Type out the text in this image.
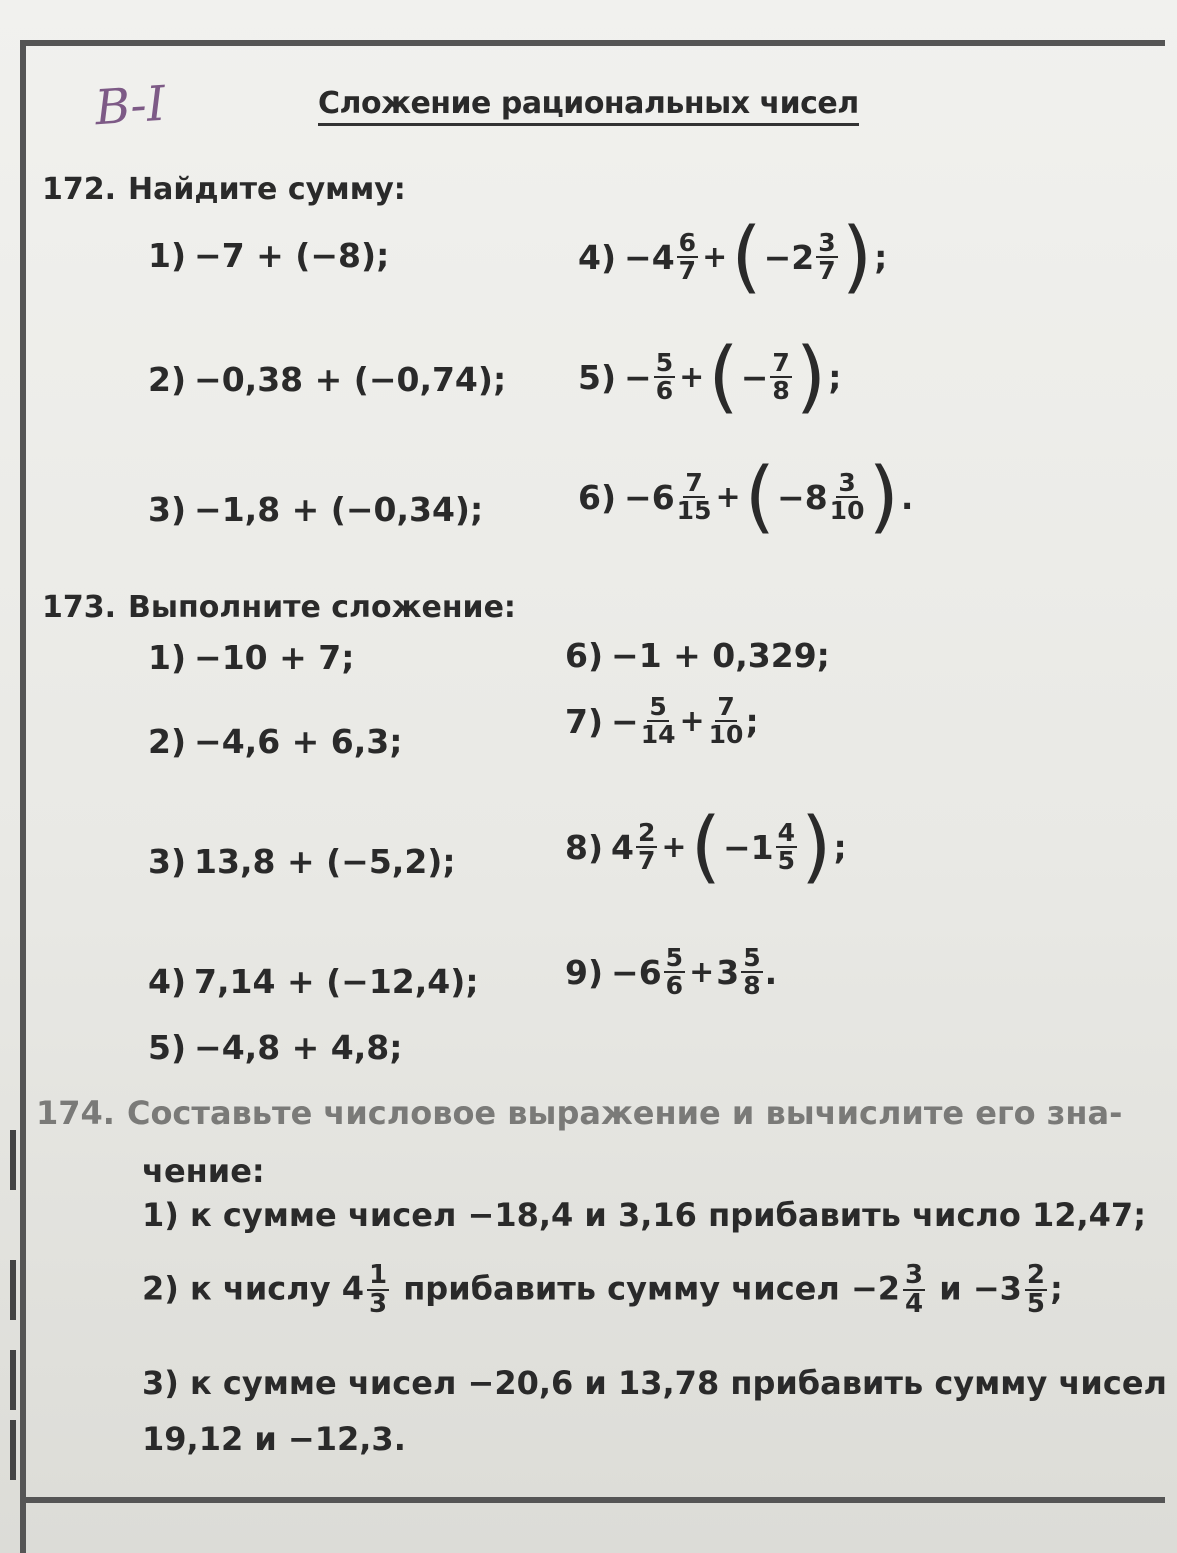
В-I	Сложение рациональных чисел
172. Найдите сумму:
1) −7 + (−8);
2) −0,38 + (−0,74);
3) −1,8 + (−0,34);
$4) -4 \frac{6}{7}$ + ( $-2 \frac{3}{7}$ ) ;
$5) - \frac{5}{6}$ + ( − $\frac{7}{8}$ ) ;
$6) -6 \frac{7}{15}$ + ( $-8 \frac{3}{10}$ ) .
173. Выполните сложение:
1) −10 + 7;
2) −4,6 + 6,3;
3) 13,8 + (−5,2);
4) 7,14 + (−12,4);
5) −4,8 + 4,8;
6) −1 + 0,329;
$7) - \frac{5}{14} + \frac{7}{10}$ ;
8) $4 \frac{2}{7}$ + ( $-1 \frac{4}{5}$ ) ;
$9) -6 \frac{5}{6} + 3 \frac{5}{8}$ .
174. Составьте числовое выражение и вычислите его зна-
чение:
1) к сумме чисел −18,4 и 3,16 прибавить число 12,47;
2) к числу $4 \frac{1}{3}$ прибавить сумму чисел $-2 \frac{3}{4}$ $и -3 \frac{2}{5}$ ;
3) к сумме чисел −20,6 и 13,78 прибавить сумму чисел
19,12 и −12,3.
